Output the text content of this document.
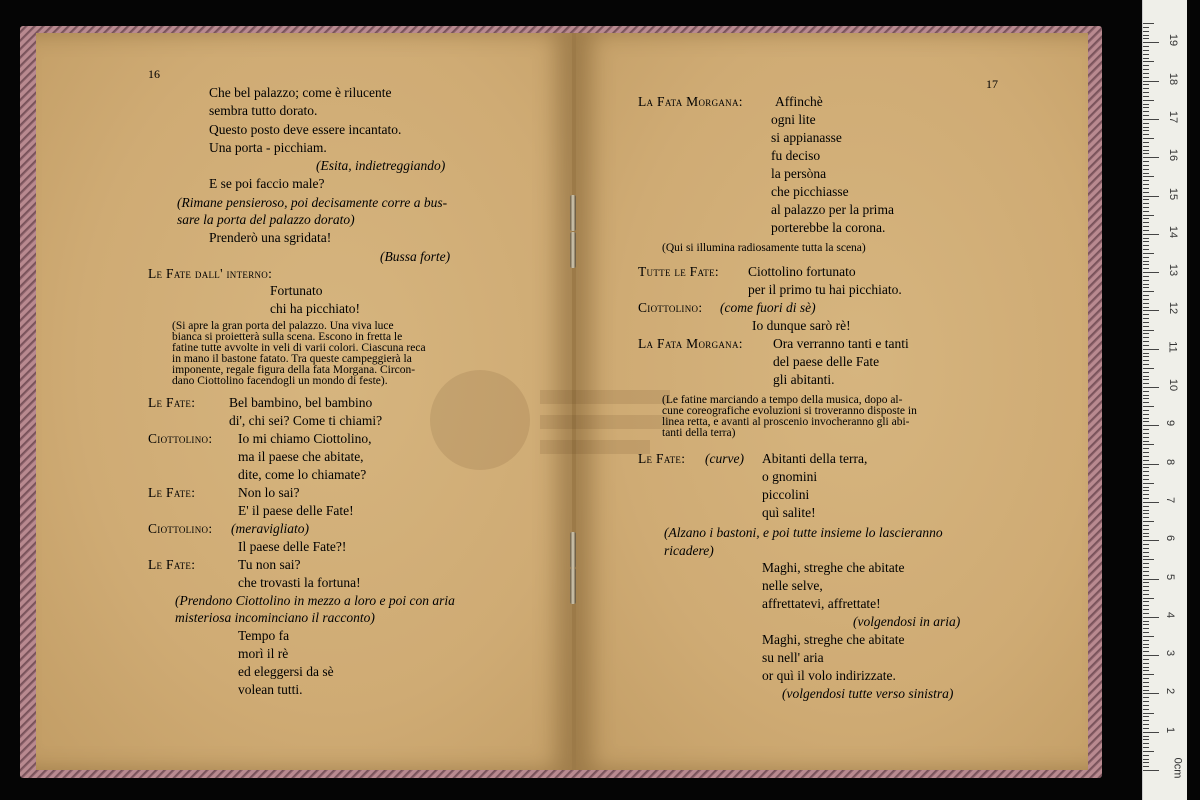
16
Che bel palazzo; come è rilucente
sembra tutto dorato.
Questo posto deve essere incantato.
Una porta - picchiam.
(Esita, indietreggiando)
E se poi faccio male?
(Rimane pensieroso, poi decisamente corre a bus-
sare la porta del palazzo dorato)
Prenderò una sgridata!
(Bussa forte)
Le Fate dall' interno:
Fortunato
chi ha picchiato!
(Si apre la gran porta del palazzo. Una viva luce
bianca si proietterà sulla scena. Escono in fretta le
fatine tutte avvolte in veli di varii colori. Ciascuna reca
in mano il bastone fatato. Tra queste campeggierà la
imponente, regale figura della fata Morgana. Circon-
dano Ciottolino facendogli un mondo di feste).
Le Fate: Bel bambino, bel bambino
di', chi sei? Come ti chiami?
Ciottolino: Io mi chiamo Ciottolino,
ma il paese che abitate,
dite, come lo chiamate?
Le Fate:	Non lo sai?
E' il paese delle Fate!
Ciottolino: (meravigliato)
Il paese delle Fate?!
Le Fate:	Tu non sai?
che trovasti la fortuna!
(Prendono Ciottolino in mezzo a loro e poi con aria
misteriosa incominciano il racconto)
Tempo fa
morì il rè
ed eleggersi da sè
volean tutti.
17
La Fata Morgana: Affinchè
ogni lite
si appianasse
fu deciso
la persòna
che picchiasse
al palazzo per la prima
porterebbe la corona.
(Qui si illumina radiosamente tutta la scena)
Tutte le Fate: Ciottolino fortunato
per il primo tu hai picchiato.
Ciottolino: (come fuori di sè)
Io dunque sarò rè!
La Fata Morgana: Ora verranno tanti e tanti
del paese delle Fate
gli abitanti.
(Le fatine marciando a tempo della musica, dopo al-
cune coreografiche evoluzioni si troveranno disposte in
linea retta, e avanti al proscenio invocheranno gli abi-
tanti della terra)
Le Fate: (curve) Abitanti della terra,
o gnomini
piccolini
quì salite!
(Alzano i bastoni, e poi tutte insieme lo lascieranno
ricadere)
Maghi, streghe che abitate
nelle selve,
affrettatevi, affrettate!
(volgendosi in aria)
Maghi, streghe che abitate
su nell' aria
or quì il volo indirizzate.
(volgendosi tutte verso sinistra)
0cm
1
2
3
4
5
6
7
8
9
10
11
12
13
14
15
16
17
18
19
